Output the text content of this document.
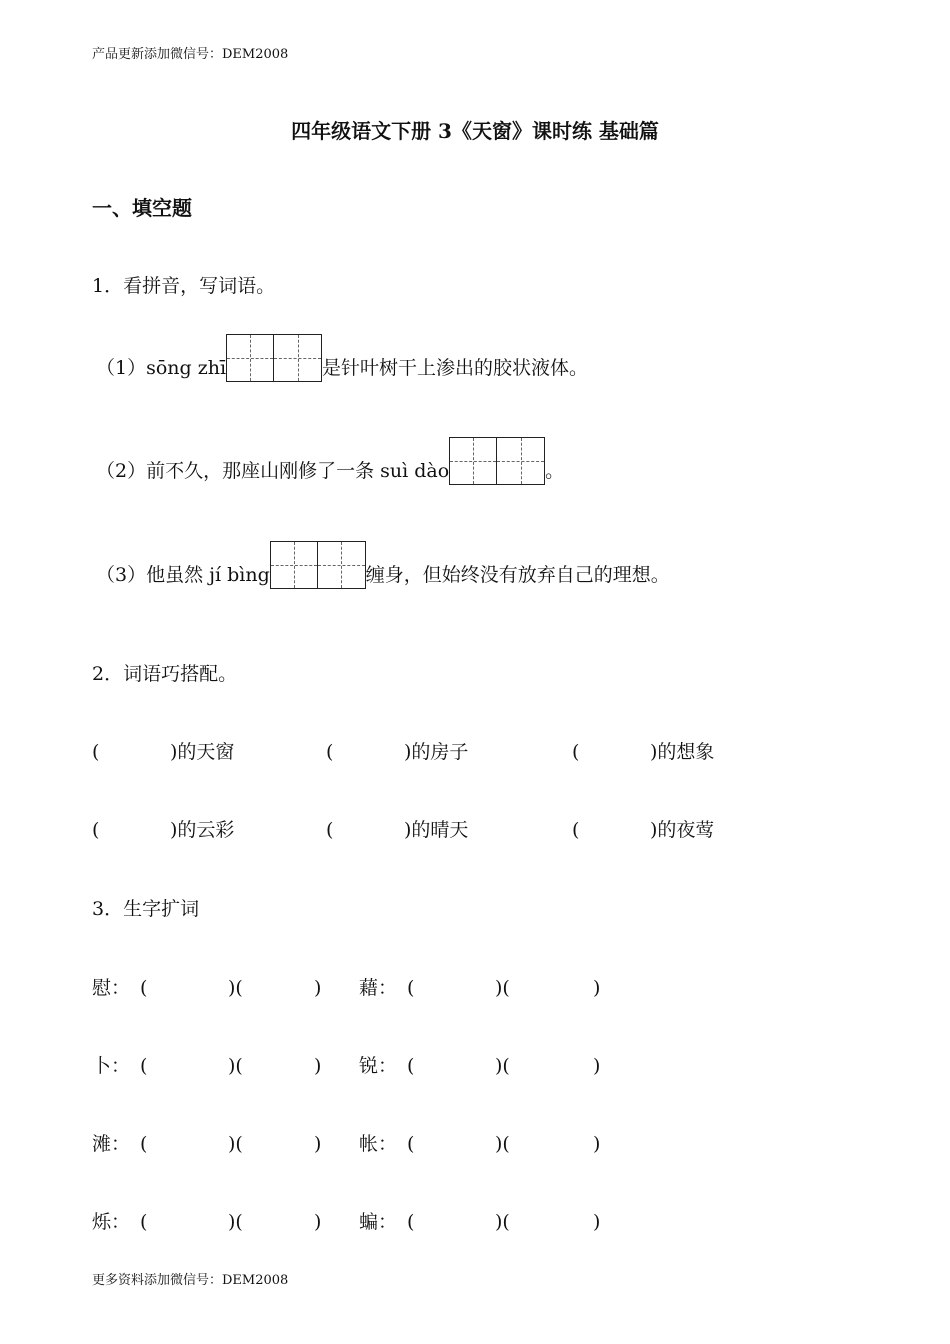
产品更新添加微信号：DEM2008
四年级语文下册 3《天窗》课时练 基础篇
一、填空题
1．看拼音，写词语。
（1）sōng zhī	是针叶树干上渗出的胶状液体。
（2）前不久，那座山刚修了一条 suì dào	。
（3）他虽然 jí bìng	缠身，但始终没有放弃自己的理想。
2．词语巧搭配。
(	)的天窗	(	)的房子	(	)的想象
(	)的云彩	(	)的晴天	(	)的夜莺
3．生字扩词
慰： (	)(	) 藉： (	)(	)
卜： (	)(	) 锐： (	)(	)
滩： (	)(	) 帐： (	)(	)
烁： (	)(	) 蝙： (	)(	)
更多资料添加微信号：DEM2008
